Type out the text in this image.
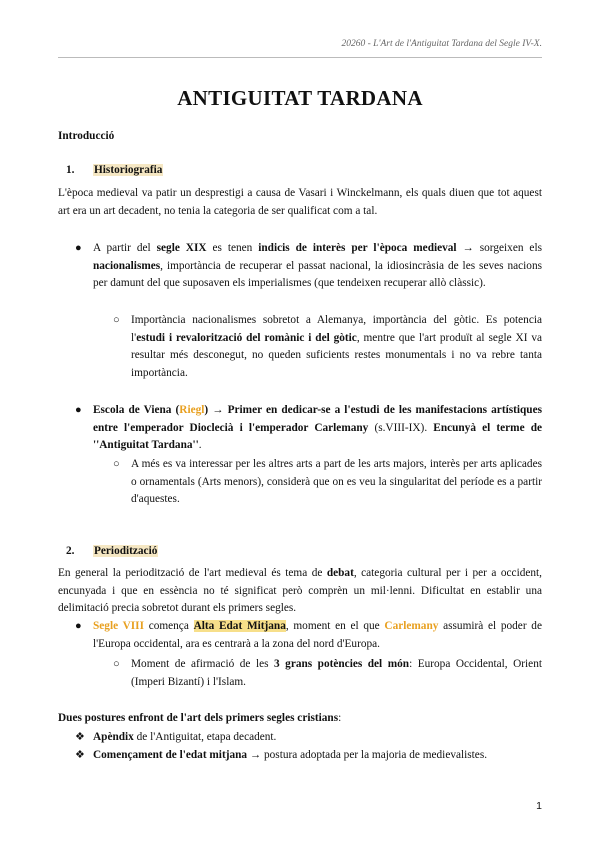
20260 - L'Art de l'Antiguitat Tardana del Segle IV-X.
ANTIGUITAT TARDANA
Introducció
1. Historiografia
L'època medieval va patir un desprestigi a causa de Vasari i Winckelmann, els quals diuen que tot aquest art era un art decadent, no tenia la categoria de ser qualificat com a tal.
● A partir del segle XIX es tenen indicis de interès per l'època medieval → sorgeixen els nacionalismes, importància de recuperar el passat nacional, la idiosincràsia de les seves nacions per damunt del que suposaven els imperialismes (que tendeixen recuperar allò clàssic).
○ Importància nacionalismes sobretot a Alemanya, importància del gòtic. Es potencia l'estudi i revalorització del romànic i del gòtic, mentre que l'art produït al segle XI va resultar més desconegut, no queden suficients restes monumentals i no va rebre tanta importància.
● Escola de Viena (Riegl) → Primer en dedicar-se a l'estudi de les manifestacions artístiques entre l'emperador Dioclecià i l'emperador Carlemany (s.VIII-IX). Encunyà el terme de ''Antiguitat Tardana''.
○ A més es va interessar per les altres arts a part de les arts majors, interès per arts aplicades o ornamentals (Arts menors), considerà que on es veu la singularitat del període es a partir d'aquestes.
2. Periodització
En general la periodització de l'art medieval és tema de debat, categoria cultural per i per a occident, encunyada i que en essència no té significat però comprèn un mil·lenni. Dificultat en establir una delimitació precia sobretot durant els primers segles.
● Segle VIII comença Alta Edat Mitjana, moment en el que Carlemany assumirà el poder de l'Europa occidental, ara es centrarà a la zona del nord d'Europa.
○ Moment de afirmació de les 3 grans potències del món: Europa Occidental, Orient (Imperi Bizantí) i l'Islam.
Dues postures enfront de l'art dels primers segles cristians:
❖ Apèndix de l'Antiguitat, etapa decadent.
❖ Començament de l'edat mitjana → postura adoptada per la majoria de medievalistes.
1
